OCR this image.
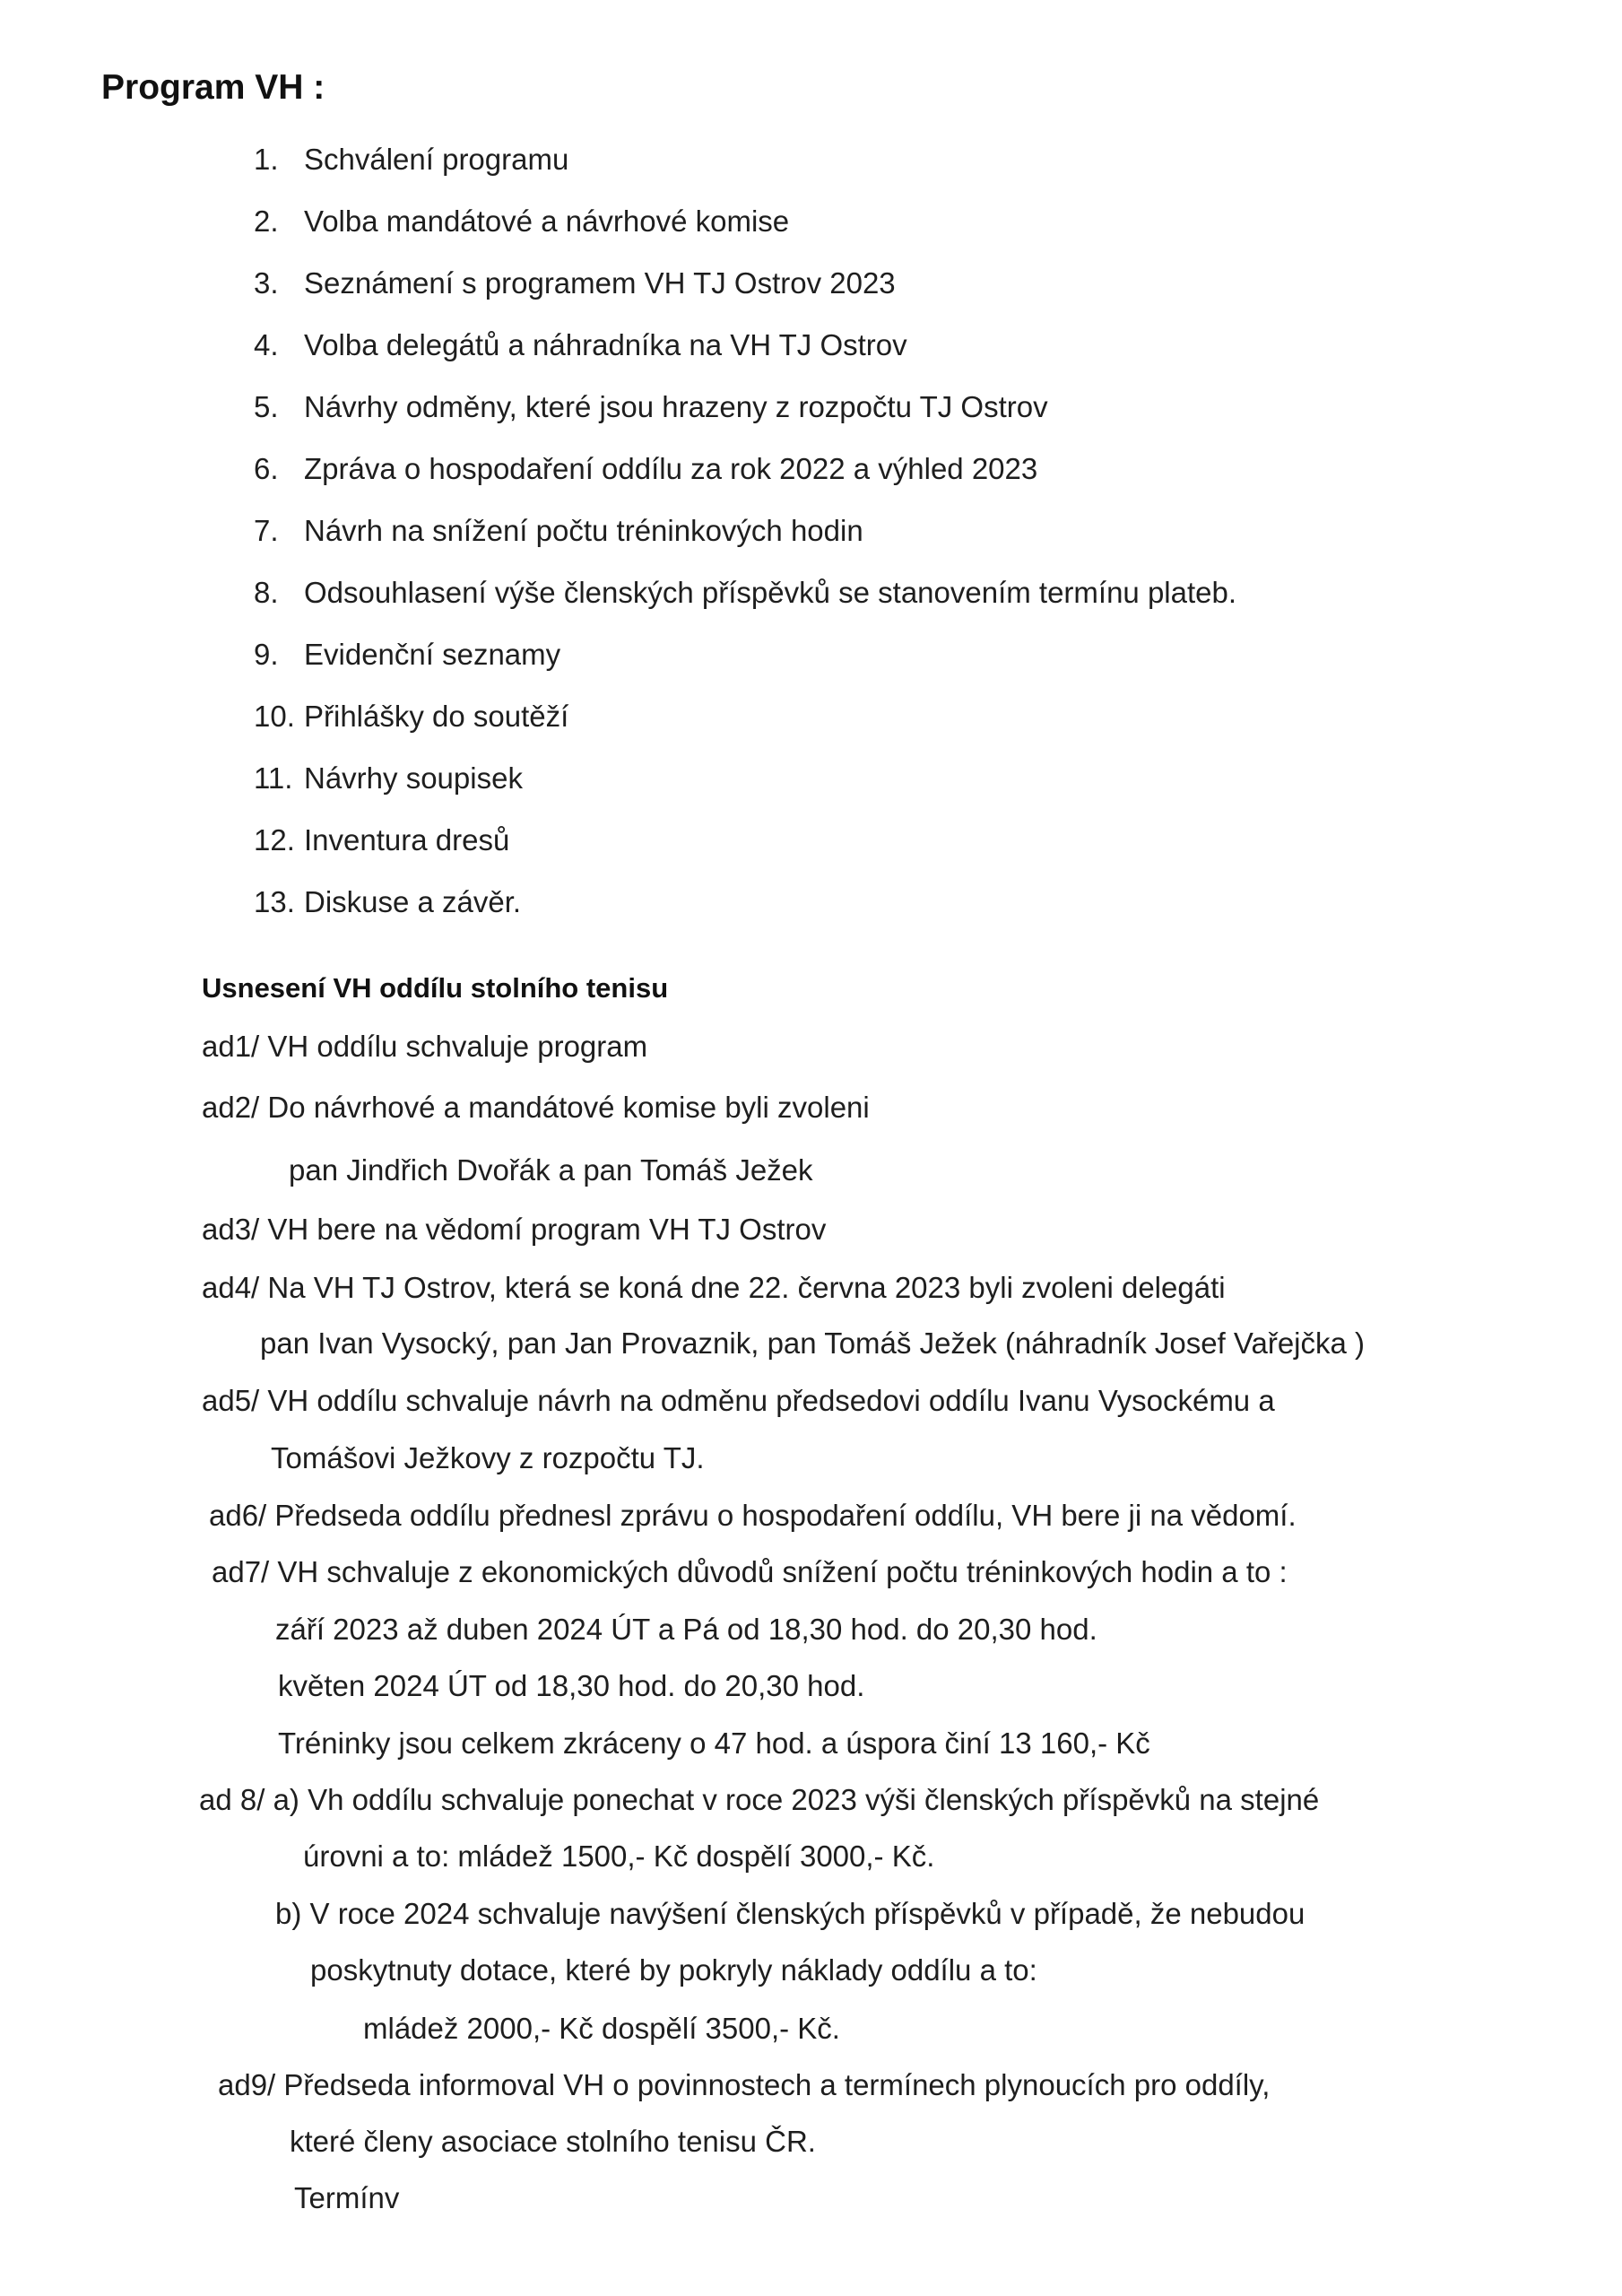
Program VH :
1. Schválení programu
2. Volba mandátové a návrhové komise
3. Seznámení s programem VH TJ Ostrov 2023
4. Volba delegátů a náhradníka na VH TJ Ostrov
5. Návrhy odměny, které jsou hrazeny z rozpočtu TJ Ostrov
6. Zpráva o hospodaření oddílu za rok 2022 a výhled 2023
7. Návrh na snížení počtu tréninkových hodin
8. Odsouhlasení výše členských příspěvků se stanovením termínu plateb.
9. Evidenční seznamy
10. Přihlášky do soutěží
11. Návrhy soupisek
12. Inventura dresů
13. Diskuse a závěr.
Usnesení VH oddílu stolního tenisu
ad1/ VH oddílu schvaluje program
ad2/ Do návrhové a mandátové komise byli zvoleni
pan Jindřich Dvořák a pan Tomáš Ježek
ad3/ VH bere na vědomí program VH TJ Ostrov
ad4/ Na VH TJ Ostrov, která se koná dne 22. června 2023 byli zvoleni delegáti
pan Ivan Vysocký, pan Jan Provaznik, pan Tomáš Ježek (náhradník Josef Vařejčka )
ad5/ VH oddílu schvaluje návrh na odměnu předsedovi oddílu Ivanu Vysockému a
Tomášovi Ježkovy z rozpočtu TJ.
ad6/ Předseda oddílu přednesl zprávu o hospodaření oddílu, VH bere ji na vědomí.
ad7/ VH schvaluje z ekonomických důvodů snížení počtu tréninkových hodin a to :
září 2023 až duben 2024 ÚT a Pá od 18,30 hod. do 20,30 hod.
květen 2024 ÚT od 18,30 hod. do 20,30 hod.
Tréninky jsou celkem zkráceny o 47 hod. a úspora činí 13 160,- Kč
ad 8/ a) Vh oddílu schvaluje ponechat v roce 2023 výši členských příspěvků na stejné
úrovni a to: mládež 1500,- Kč dospělí 3000,- Kč.
b) V roce 2024 schvaluje navýšení členských příspěvků v případě, že nebudou
poskytnuty dotace, které by pokryly náklady oddílu a to:
mládež 2000,- Kč dospělí 3500,- Kč.
ad9/ Předseda informoval VH o povinnostech a termínech plynoucích pro oddíly,
které členy asociace stolního tenisu ČR.
Termínv
